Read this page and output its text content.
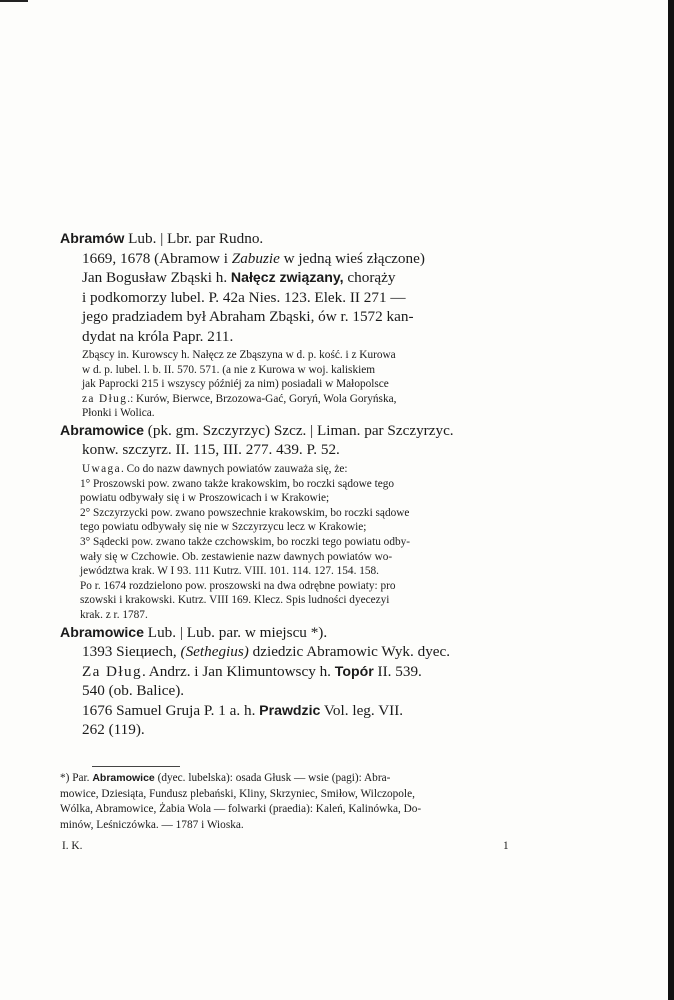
Abramów Lub. | Lbr. par Rudno.

1669, 1678 (Abramow i Zabuzie w jedną wieś złączone)
Jan Bogusław Zbąski h. Nałęcz związany, chorąży
i podkomorzy lubel. P. 42a Nies. 123. Elek. II 271 —
jego pradziadem był Abraham Zbąski, ów r. 1572 kan-
dydat na króla Papr. 211.
Zbąscy in. Kurowscy h. Nałęcz ze Zbąszyna w d. p. kość. i z Kurowa
w d. p. lubel. l. b. II. 570. 571. (a nie z Kurowa w woj. kaliskiem
jak Paprocki 215 i wszyscy późniéj za nim) posiadali w Małopolsce
za Dług.: Kurów, Bierwce, Brzozowa-Gać, Goryń, Wola Goryńska,
Płonki i Wolica.

Abramowice (pk. gm. Szczyrzyc) Szcz. | Liman. par Szczyrzyc.

konw. szczyrz. II. 115, III. 277. 439. P. 52.
Uwaga. Co do nazw dawnych powiatów zauważa się, że:
1° Proszowski pow. zwano także krakowskim, bo roczki sądowe tego
powiatu odbywały się i w Proszowicach i w Krakowie;
2° Szczyrzycki pow. zwano powszechnie krakowskim, bo roczki sądowe
tego powiatu odbywały się nie w Szczyrzycu lecz w Krakowie;
3° Sądecki pow. zwano także czchowskim, bo roczki tego powiatu odby-
wały się w Czchowie. Ob. zestawienie nazw dawnych powiatów wo-
jewództwa krak. W I 93. 111 Kutrz. VIII. 101. 114. 127. 154. 158.
Po r. 1674 rozdzielono pow. proszowski na dwa odrębne powiaty: pro
szowski i krakowski. Kutrz. VIII 169. Klecz. Spis ludności dyecezyi
krak. z r. 1787.

Abramowice Lub. | Lub. par. w miejscu *).

1393 Siециech, (Sethegius) dziedzic Abramowic Wyk. dyec.
Za Dług. Andrz. i Jan Klimuntowscy h. Topór II. 539.
540 (ob. Balice).
1676 Samuel Gruja P. 1 a. h. Prawdzic Vol. leg. VII.
262 (119).
*) Par. Abramowice (dyec. lubelska): osada Głusk — wsie (pagi): Abra-
mowice, Dziesiąta, Fundusz plebański, Kliny, Skrzyniec, Smiłow, Wilczopole,
Wólka, Abramowice, Żabia Wola — folwarki (praedia): Kaleń, Kalinówka, Do-
minów, Leśniczówka. — 1787 i Wioska.
I. K.	1
